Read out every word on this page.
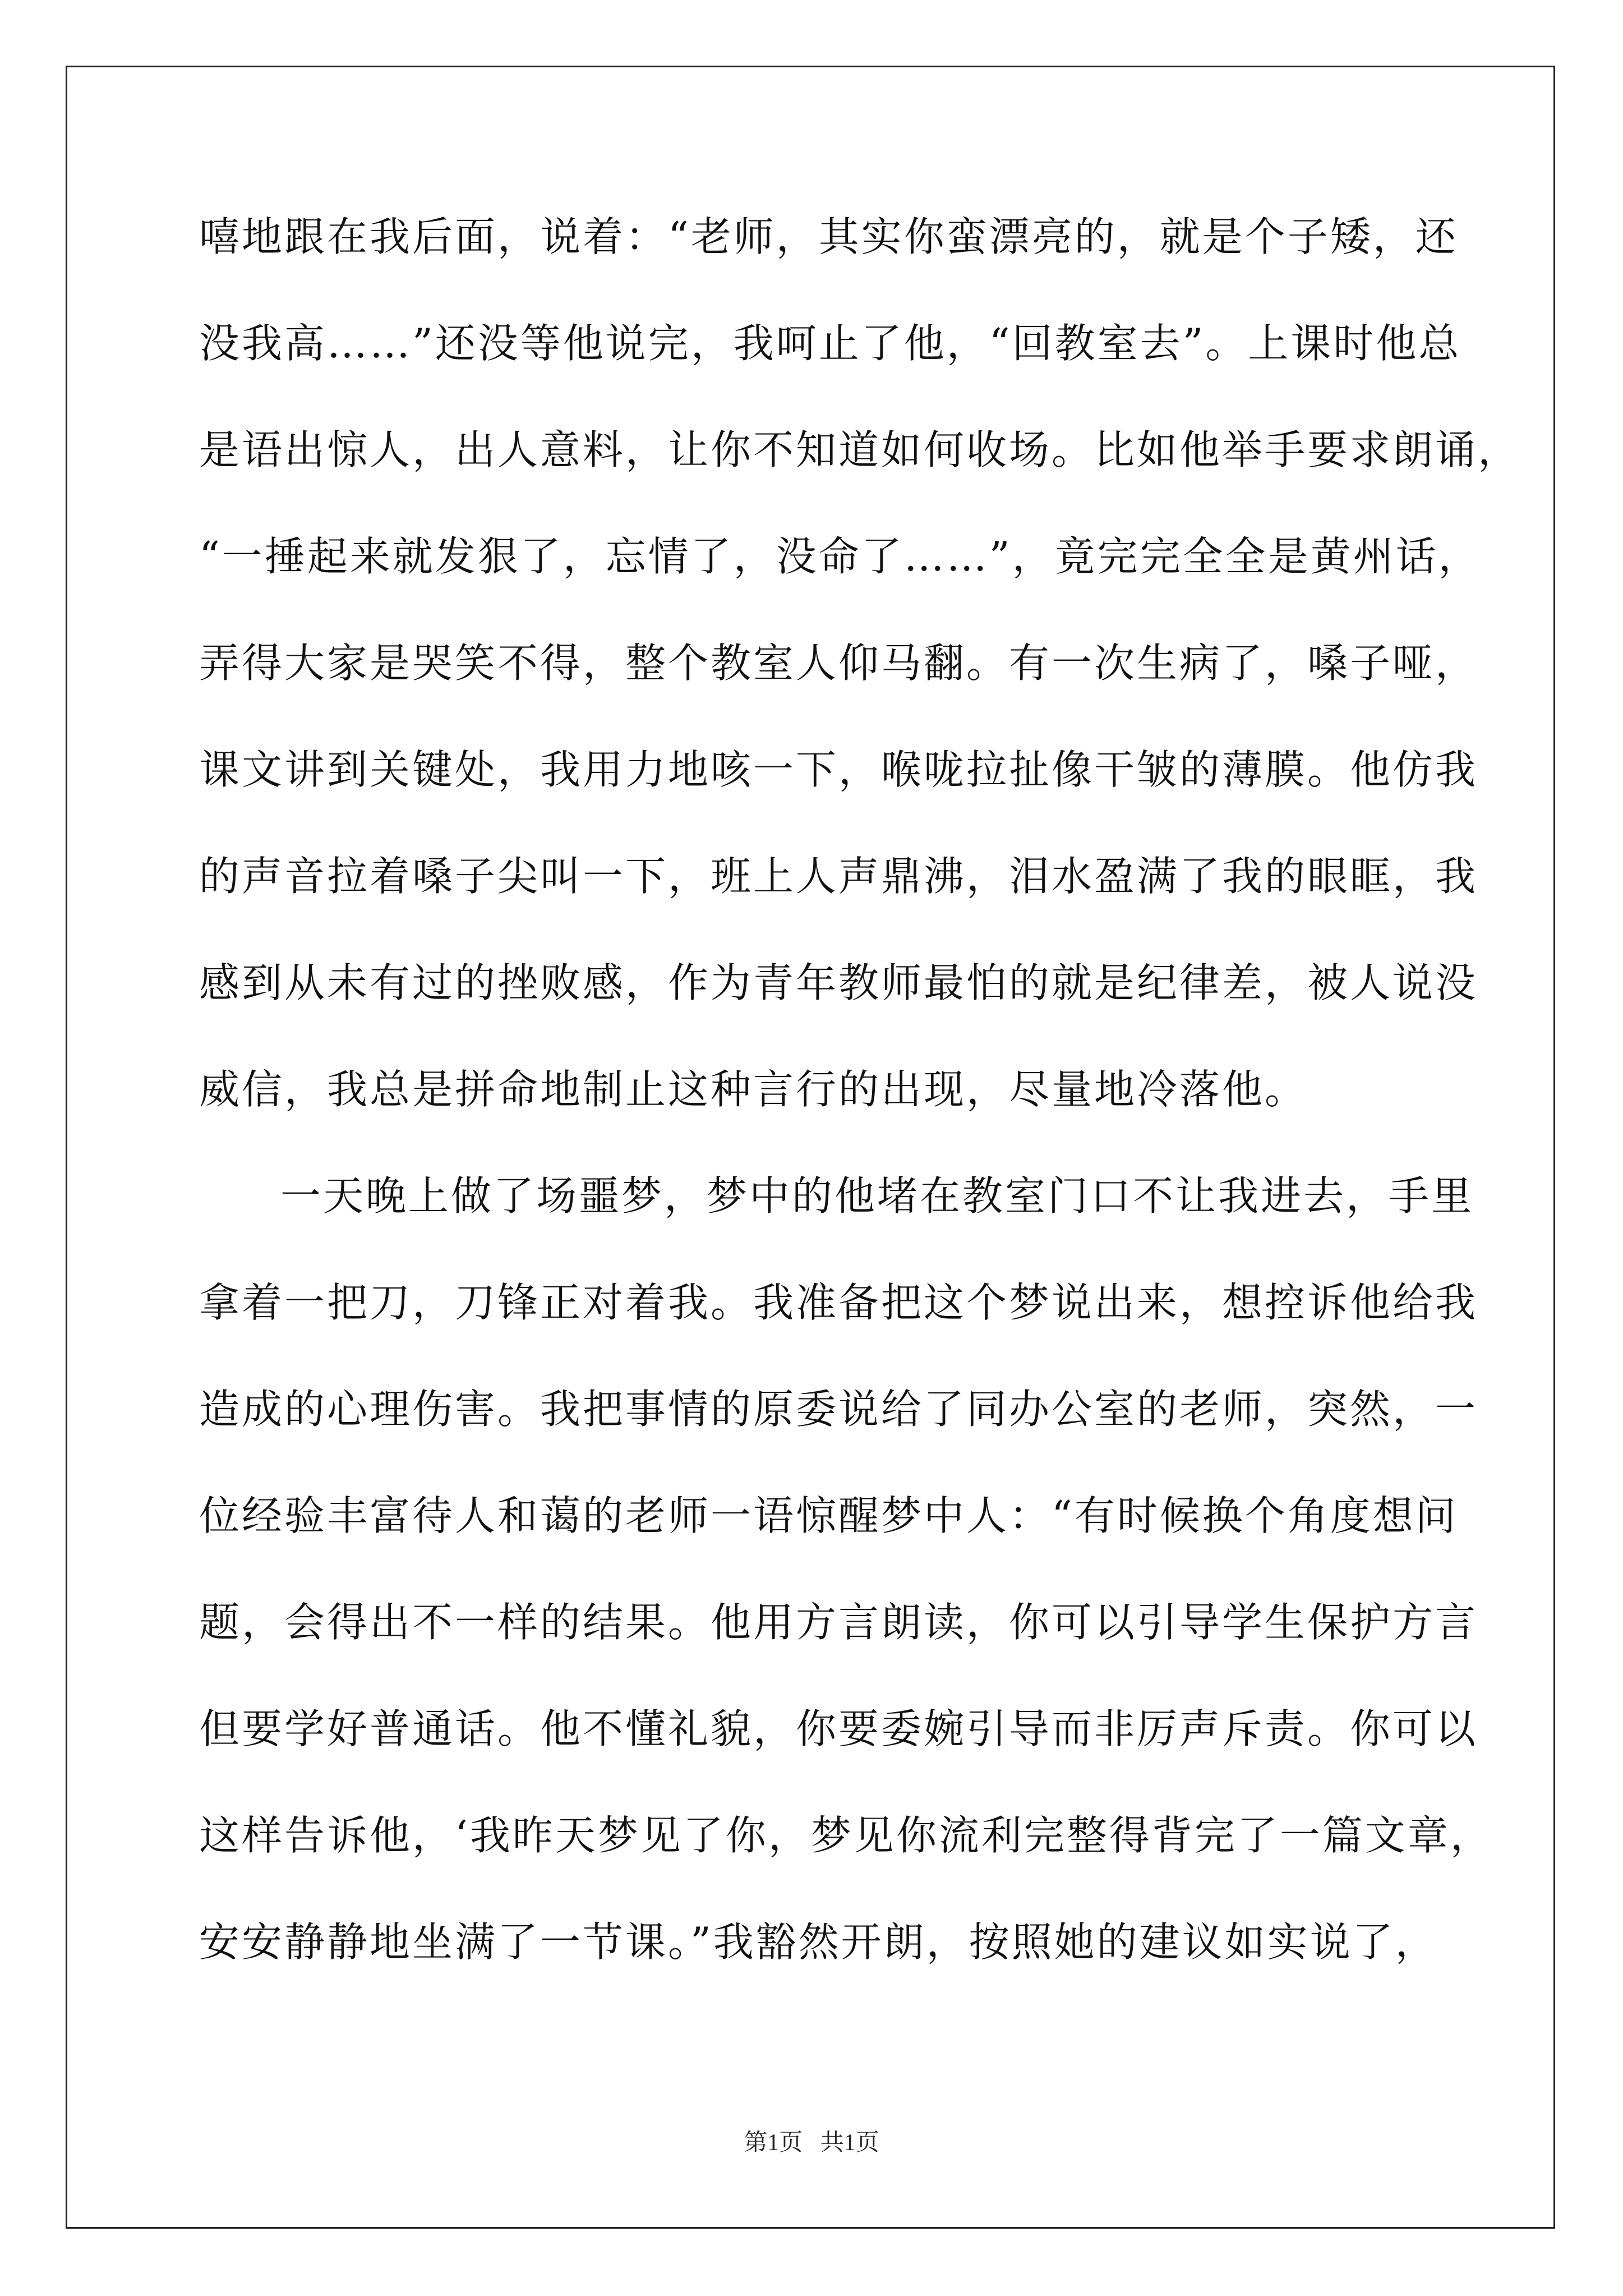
嘻地跟在我后面，说着：“老师，其实你蛮漂亮的，就是个子矮，还
没我高……”还没等他说完，我呵止了他，“回教室去”。上课时他总
是语出惊人，出人意料，让你不知道如何收场。比如他举手要求朗诵，
“一捶起来就发狠了，忘情了，没命了……”，竟完完全全是黄州话，
弄得大家是哭笑不得，整个教室人仰马翻。有一次生病了，嗓子哑，
课文讲到关键处，我用力地咳一下，喉咙拉扯像干皱的薄膜。他仿我
的声音拉着嗓子尖叫一下，班上人声鼎沸，泪水盈满了我的眼眶，我
感到从未有过的挫败感，作为青年教师最怕的就是纪律差，被人说没
威信，我总是拼命地制止这种言行的出现，尽量地冷落他。
一天晚上做了场噩梦，梦中的他堵在教室门口不让我进去，手里
拿着一把刀，刀锋正对着我。我准备把这个梦说出来，想控诉他给我
造成的心理伤害。我把事情的原委说给了同办公室的老师，突然，一
位经验丰富待人和蔼的老师一语惊醒梦中人：“有时候换个角度想问
题，会得出不一样的结果。他用方言朗读，你可以引导学生保护方言
但要学好普通话。他不懂礼貌，你要委婉引导而非厉声斥责。你可以
这样告诉他，‘我昨天梦见了你，梦见你流利完整得背完了一篇文章，
安安静静地坐满了一节课。”我豁然开朗，按照她的建议如实说了，
第1页   共1页
